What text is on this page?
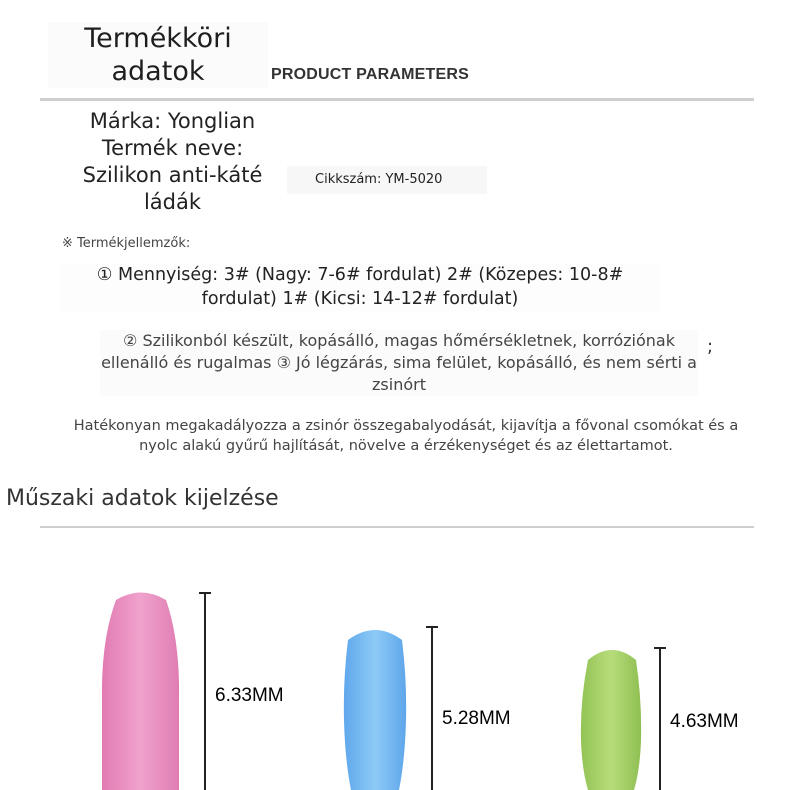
Termékköri adatok	PRODUCT PARAMETERS
Márka: Yonglian Termék neve: Szilikon anti-káté ládák
Cikkszám: YM-5020
※ Termékjellemzők:
① Mennyiség: 3# (Nagy: 7-6# fordulat) 2# (Közepes: 10-8# fordulat) 1# (Kicsi: 14-12# fordulat)
② Szilikonból készült, kopásálló, magas hőmérsékletnek, korróziónak ellenálló és rugalmas ③ Jó légzárás, sima felület, kopásálló, és nem sérti a zsinórt
;
Hatékonyan megakadályozza a zsinór összegabalyodását, kijavítja a fővonal csomókat és a nyolc alakú gyűrű hajlítását, növelve a érzékenységet és az élettartamot.
Műszaki adatok kijelzése
6.33MM
5.28MM	4.63MM
